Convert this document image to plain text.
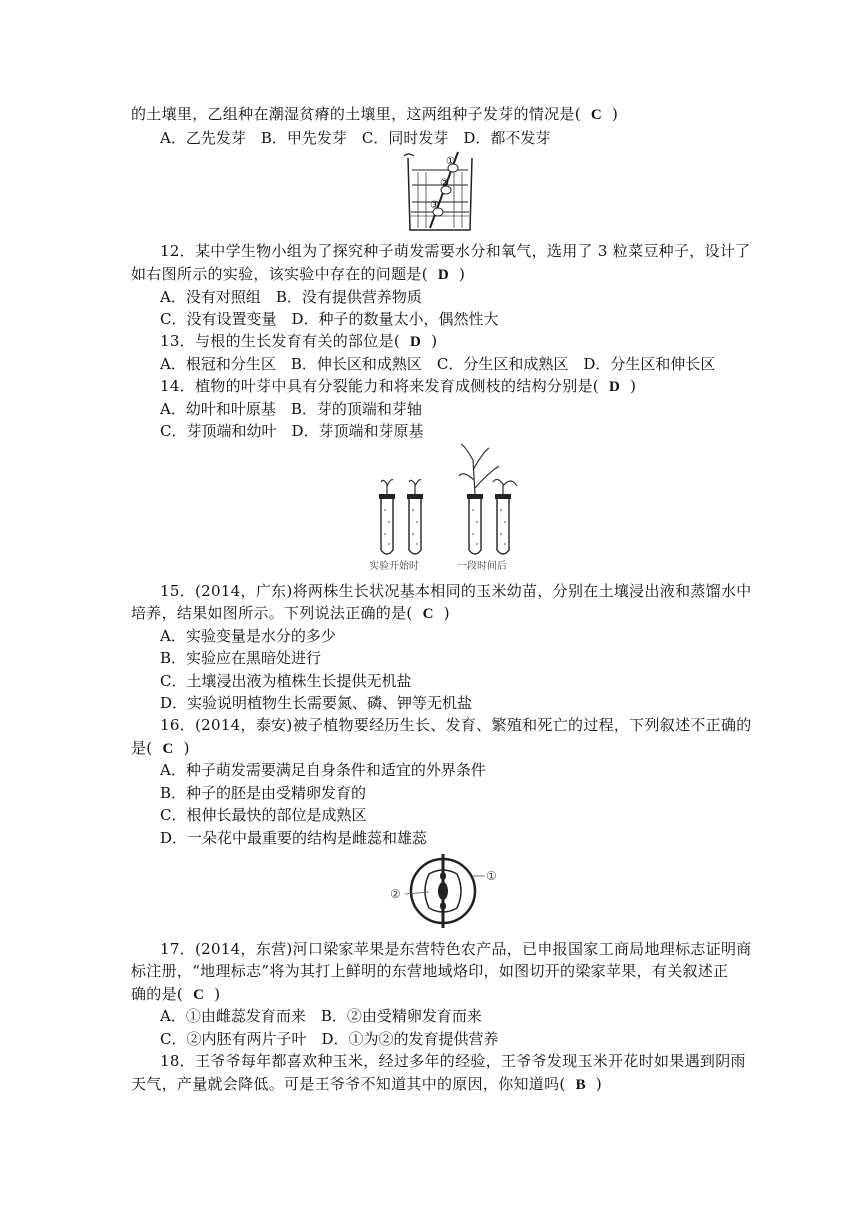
的土壤里，乙组种在潮湿贫瘠的土壤里，这两组种子发芽的情况是( C )
A．乙先发芽　B．甲先发芽　C．同时发芽　D．都不发芽
①
②
③
12．某中学生物小组为了探究种子萌发需要水分和氧气，选用了 3 粒菜豆种子，设计了
如右图所示的实验，该实验中存在的问题是( D )
A．没有对照组　B．没有提供营养物质
C．没有设置变量　D．种子的数量太小，偶然性大
13．与根的生长发育有关的部位是( D )
A．根冠和分生区　B．伸长区和成熟区　C．分生区和成熟区　D．分生区和伸长区
14．植物的叶芽中具有分裂能力和将来发育成侧枝的结构分别是( D )
A．幼叶和叶原基　B．芽的顶端和芽轴
C．芽顶端和幼叶　D．芽顶端和芽原基
实验开始时	一段时间后
15．(2014，广东)将两株生长状况基本相同的玉米幼苗，分别在土壤浸出液和蒸馏水中
培养，结果如图所示。下列说法正确的是( C )
A．实验变量是水分的多少
B．实验应在黑暗处进行
C．土壤浸出液为植株生长提供无机盐
D．实验说明植物生长需要氮、磷、钾等无机盐
16．(2014，泰安)被子植物要经历生长、发育、繁殖和死亡的过程，下列叙述不正确的
是( C )
A．种子萌发需要满足自身条件和适宜的外界条件
B．种子的胚是由受精卵发育的
C．根伸长最快的部位是成熟区
D．一朵花中最重要的结构是雌蕊和雄蕊
①
②
17．(2014，东营)河口梁家苹果是东营特色农产品，已申报国家工商局地理标志证明商
标注册，“地理标志”将为其打上鲜明的东营地域烙印，如图切开的梁家苹果，有关叙述正
确的是( C )
A．①由雌蕊发育而来　B．②由受精卵发育而来
C．②内胚有两片子叶　D．①为②的发育提供营养
18．王爷爷每年都喜欢种玉米，经过多年的经验，王爷爷发现玉米开花时如果遇到阴雨
天气，产量就会降低。可是王爷爷不知道其中的原因，你知道吗( B )
